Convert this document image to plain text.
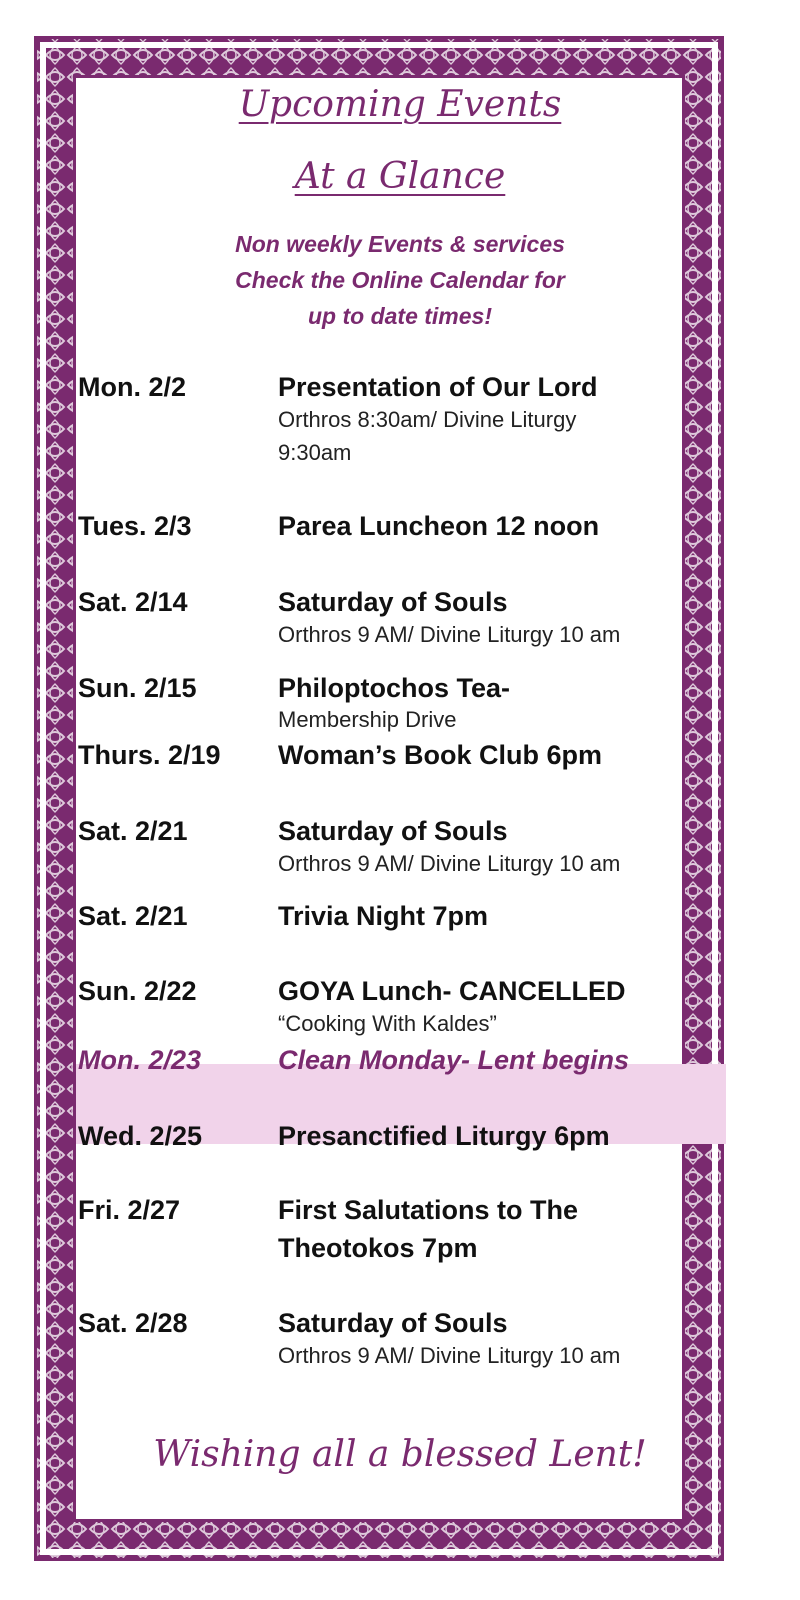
Upcoming Events
At a Glance
Non weekly Events & services
Check the Online Calendar for
up to date times!
Mon. 2/2	Presentation of Our Lord
Orthros 8:30am/ Divine Liturgy
9:30am
Tues. 2/3	Parea Luncheon 12 noon
Sat. 2/14	Saturday of Souls
Orthros 9 AM/ Divine Liturgy 10 am
Sun. 2/15	Philoptochos Tea-
Membership Drive
Thurs. 2/19 Woman’s Book Club 6pm
Sat. 2/21	Saturday of Souls
Orthros 9 AM/ Divine Liturgy 10 am
Sat. 2/21	Trivia Night 7pm
Sun. 2/22	GOYA Lunch- CANCELLED
“Cooking With Kaldes”
Mon. 2/23	Clean Monday- Lent begins
Wed. 2/25	Presanctified Liturgy 6pm
Fri. 2/27	First Salutations to The
Theotokos 7pm
Sat. 2/28	Saturday of Souls
Orthros 9 AM/ Divine Liturgy 10 am
Wishing all a blessed Lent!
